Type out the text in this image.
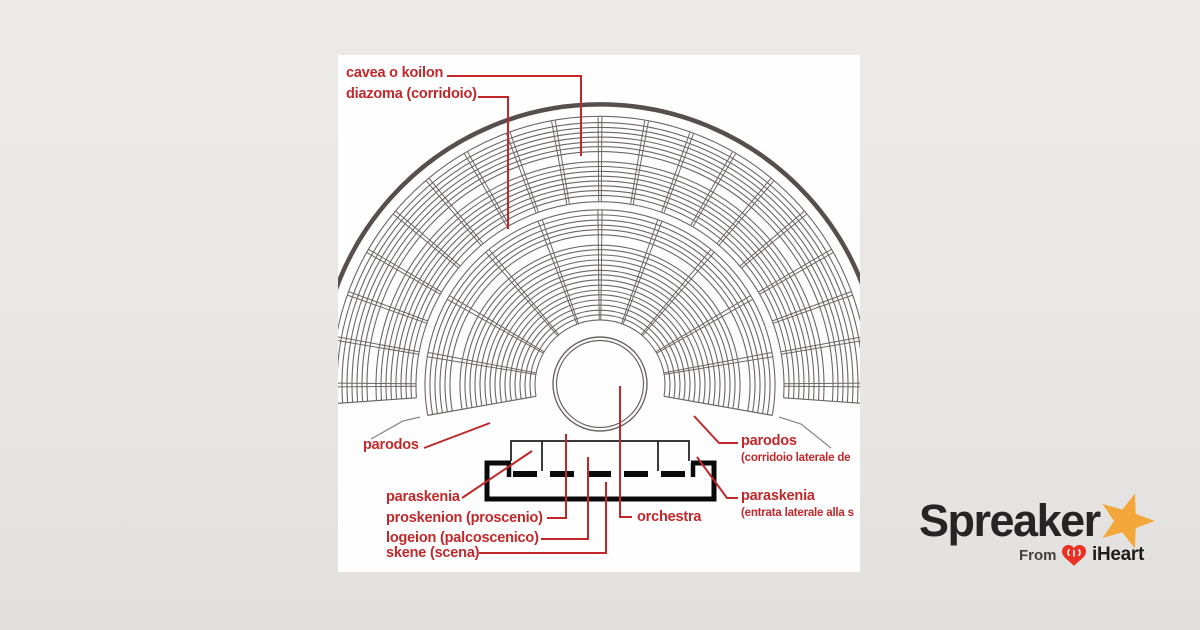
cavea o koilon
diazoma (corridoio)
parodos
paraskenia
proskenion (proscenio)
logeion (palcoscenico)
skene (scena)
orchestra
parodos
(corridoio laterale de
paraskenia
(entrata laterale alla s Spreaker
From iHeart
